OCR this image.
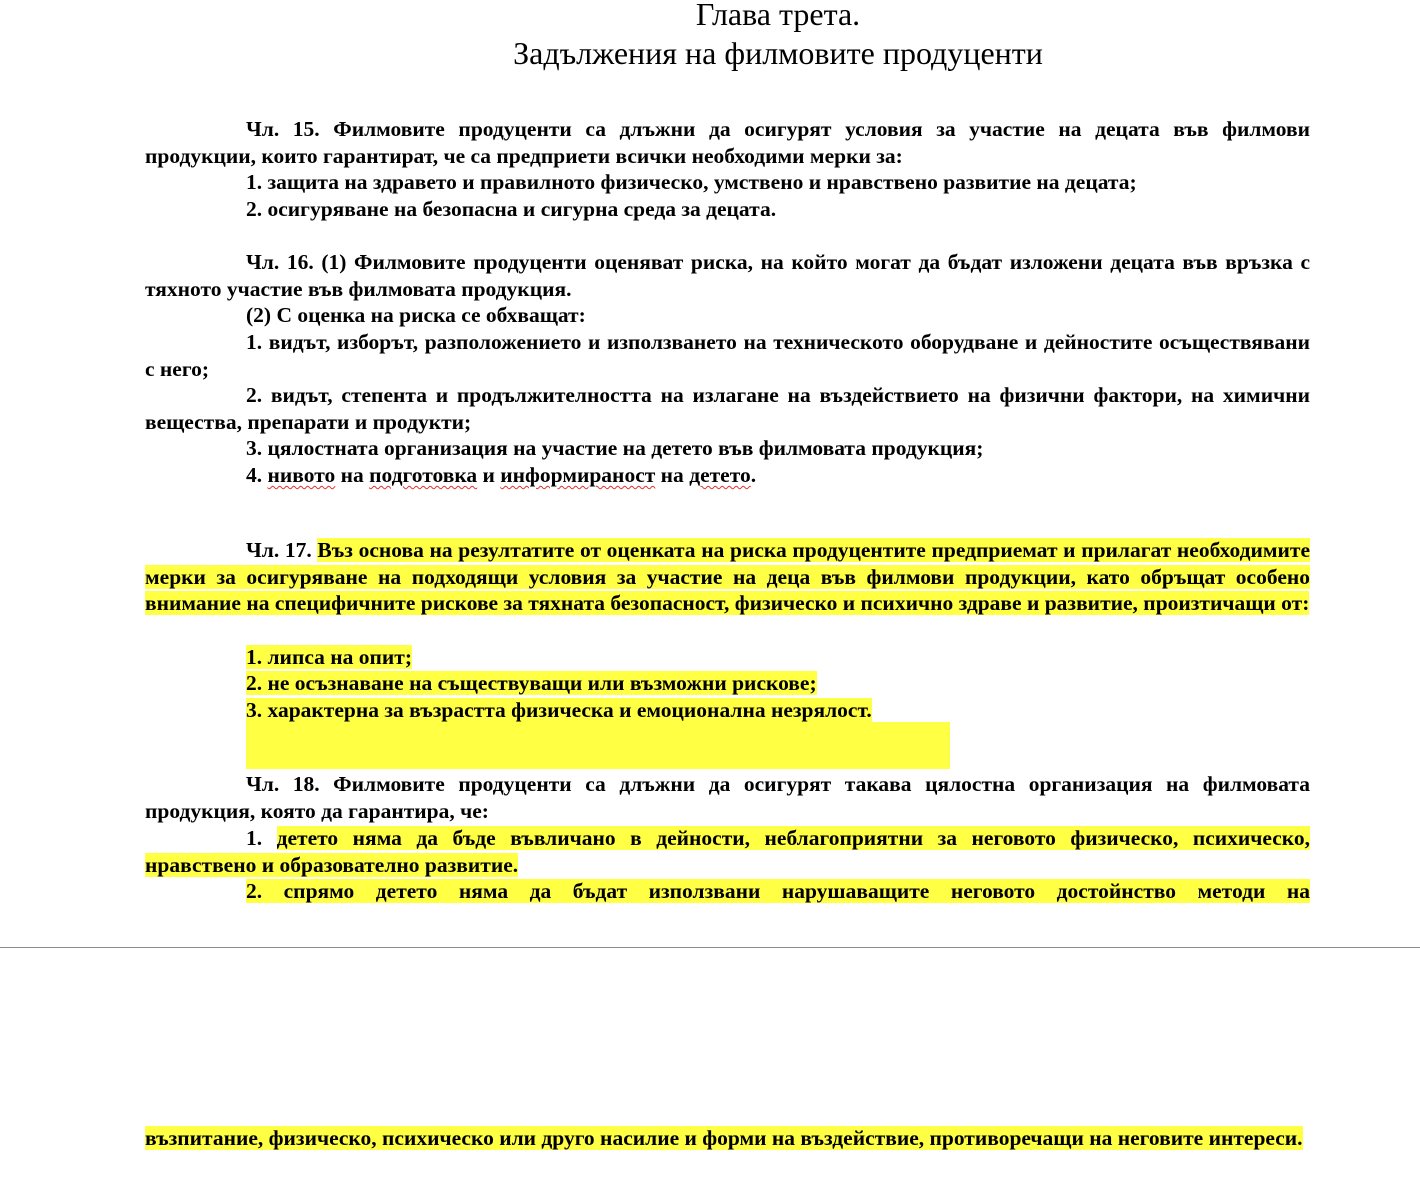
Глава трета.
Задължения на филмовите продуценти

Чл. 15. Филмовите продуценти са длъжни да осигурят условия за участие на децата във филмови продукции, които гарантират, че са предприети всички необходими мерки за:

1. защита на здравето и правилното физическо, умствено и нравствено развитие на децата;

2. осигуряване на безопасна и сигурна среда за децата.

Чл. 16. (1) Филмовите продуценти оценяват риска, на който могат да бъдат изложени децата във връзка с тяхното участие във филмовата продукция.

(2) С оценка на риска се обхващат:

1. видът, изборът, разположението и използването на техническото оборудване и дейностите осъществявани с него;

2. видът, степента и продължителността на излагане на въздействието на физични фактори, на химични вещества, препарати и продукти;

3. цялостната организация на участие на детето във филмовата продукция;

4. нивото на подготовка и информираност на детето.

Чл. 17. Въз основа на резултатите от оценката на риска продуцентите предприемат и прилагат необходимите мерки за осигуряване на подходящи условия за участие на деца във филмови продукции, като обръщат особено внимание на специфичните рискове за тяхната безопасност, физическо и психично здраве и развитие, произтичащи от:

1. липса на опит;

2. не осъзнаване на съществуващи или възможни рискове;

3. характерна за възрастта физическа и емоционална незрялост.

Чл. 18. Филмовите продуценти са длъжни да осигурят такава цялостна организация на филмовата продукция, която да гарантира, че:

1. детето няма да бъде въвличано в дейности, неблагоприятни за неговото физическо, психическо, нравствено и образователно развитие.

2. спрямо детето няма да бъдат използвани нарушаващите неговото достойнство методи на

възпитание, физическо, психическо или друго насилие и форми на въздействие, противоречащи на неговите интереси.
